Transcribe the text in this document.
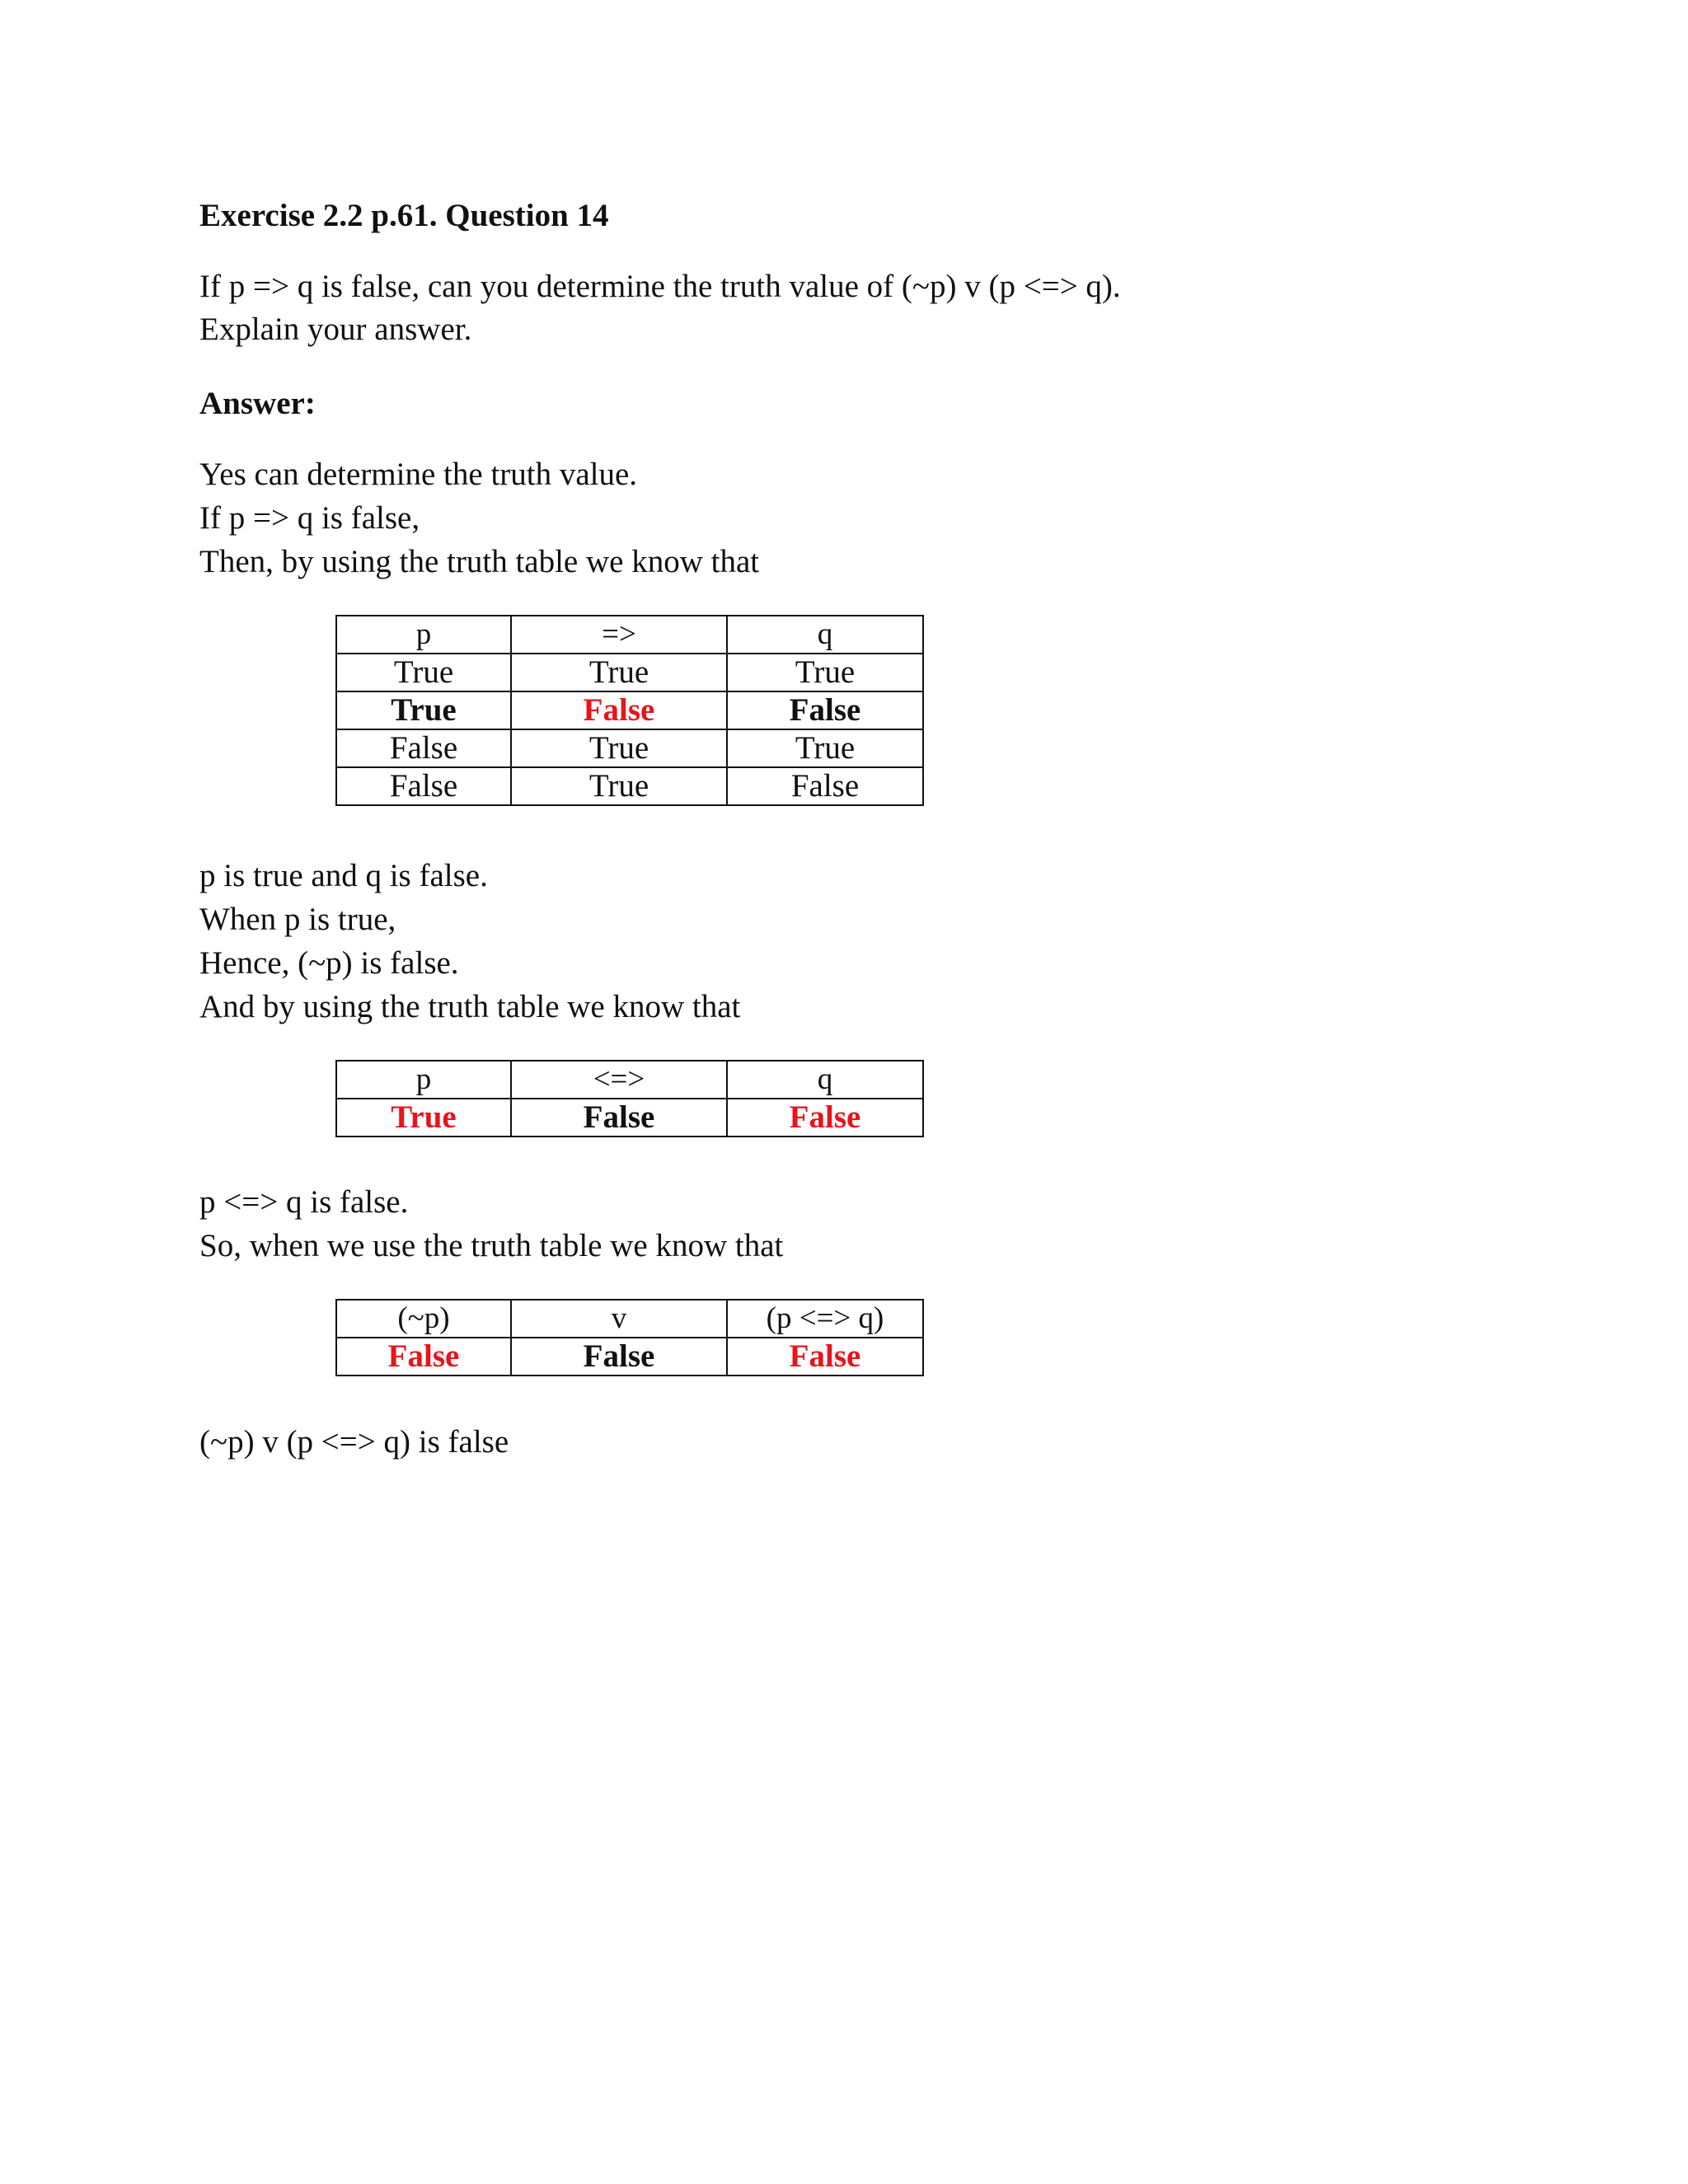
Exercise 2.2 p.61. Question 14
If p => q is false, can you determine the truth value of (~p) v (p <=> q).
Explain your answer.
Answer:
Yes can determine the truth value.
If p => q is false,
Then, by using the truth table we know that
p	=>	q
True	True	True
True	False	False
False	True	True
False	True	False
p is true and q is false.
When p is true,
Hence, (~p) is false.
And by using the truth table we know that
p	<=>	q
True	False	False
p <=> q is false.
So, when we use the truth table we know that
(~p)	v	(p <=> q)
False	False	False
(~p) v (p <=> q) is false
